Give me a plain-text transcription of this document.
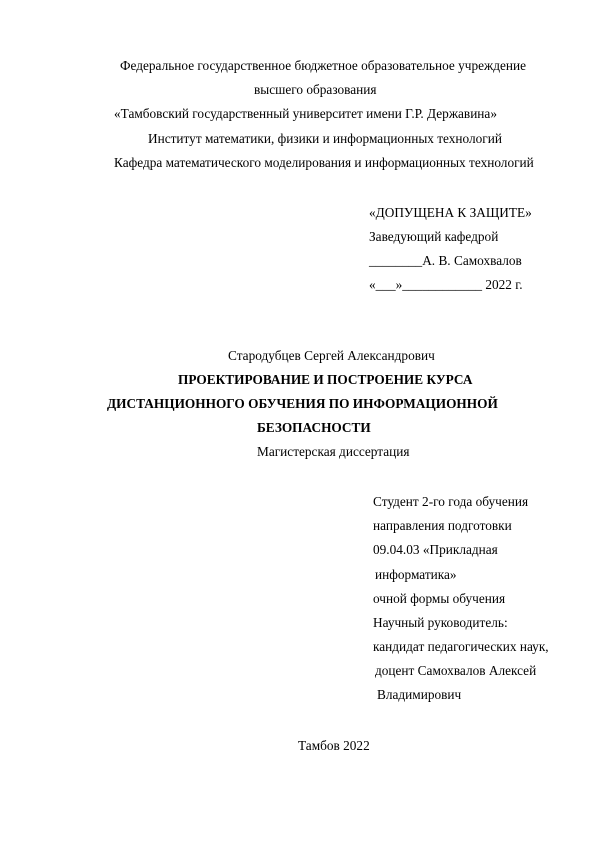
Федеральное государственное бюджетное образовательное учреждение
высшего образования
«Тамбовский государственный университет имени Г.Р. Державина»
Институт математики, физики и информационных технологий
Кафедра математического моделирования и информационных технологий
«ДОПУЩЕНА К ЗАЩИТЕ»
Заведующий кафедрой
________А. В. Самохвалов
«___»____________ 2022 г.
Стародубцев Сергей Александрович
ПРОЕКТИРОВАНИЕ И ПОСТРОЕНИЕ КУРСА
ДИСТАНЦИОННОГО ОБУЧЕНИЯ ПО ИНФОРМАЦИОННОЙ
БЕЗОПАСНОСТИ
Магистерская диссертация
Студент 2-го года обучения
направления подготовки
09.04.03 «Прикладная
информатика»
очной формы обучения
Научный руководитель:
кандидат педагогических наук,
доцент Самохвалов Алексей
Владимирович
Тамбов 2022
